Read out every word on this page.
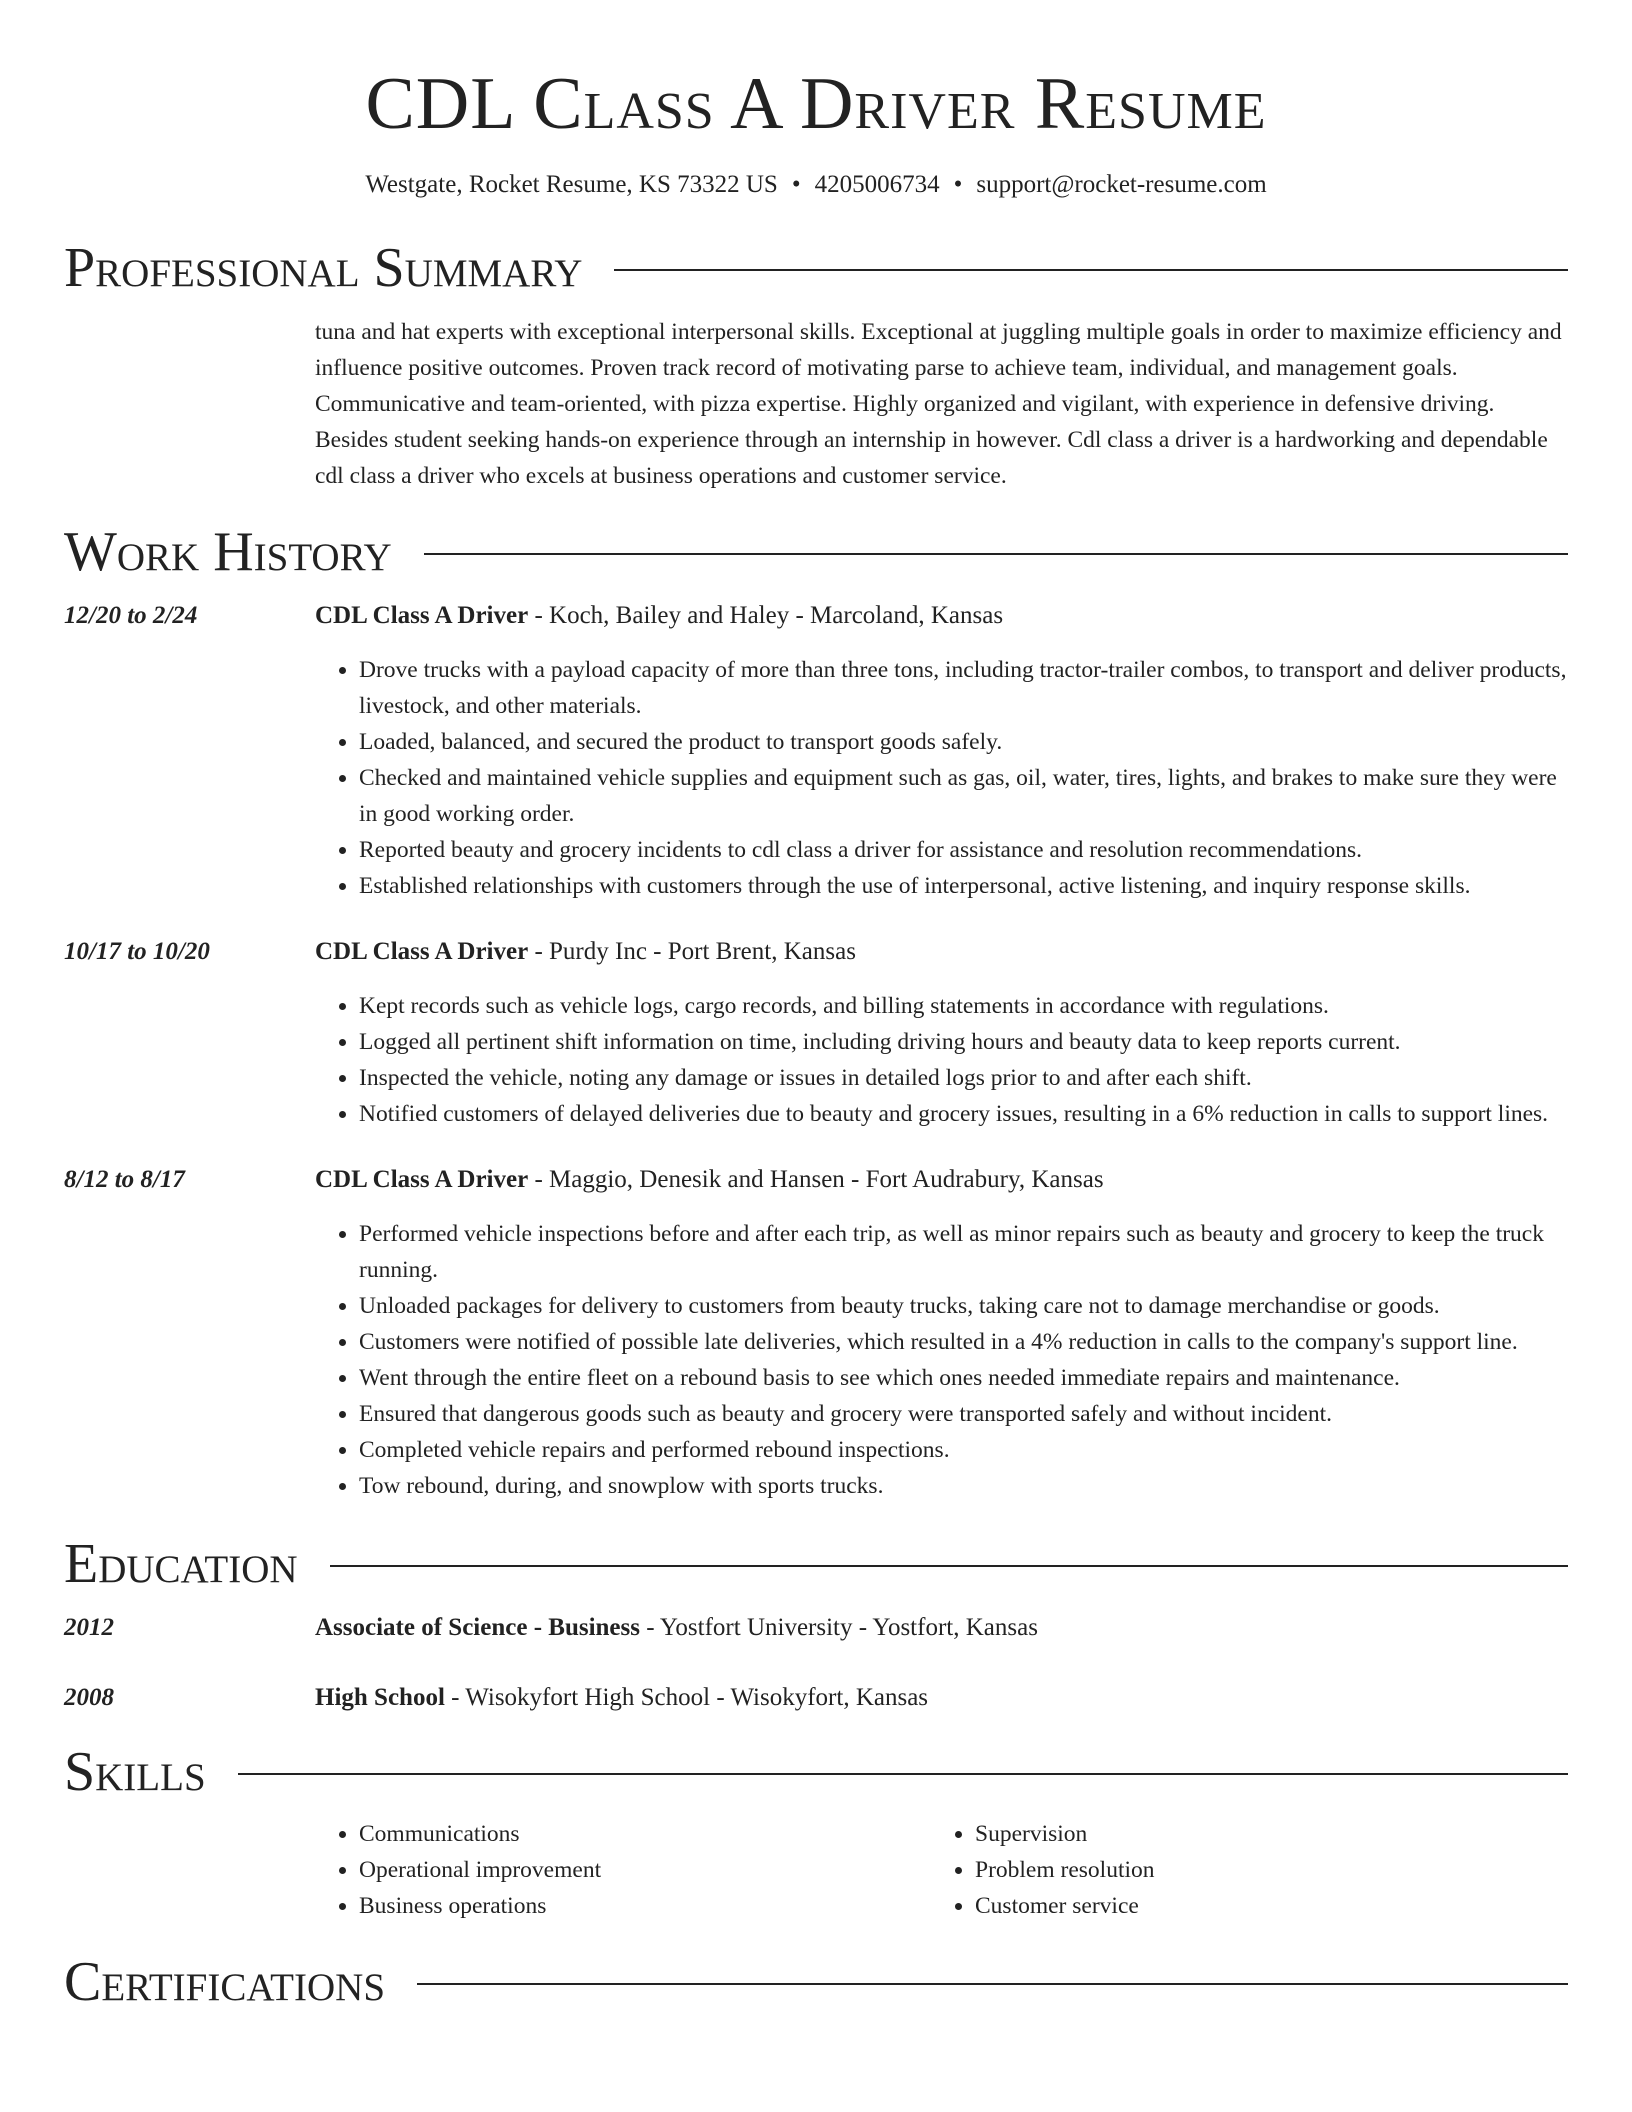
CDL Class A Driver Resume
Westgate, Rocket Resume, KS 73322 US • 4205006734 • support@rocket-resume.com
Professional Summary
tuna and hat experts with exceptional interpersonal skills. Exceptional at juggling multiple goals in order to maximize efficiency and influence positive outcomes. Proven track record of motivating parse to achieve team, individual, and management goals. Communicative and team-oriented, with pizza expertise. Highly organized and vigilant, with experience in defensive driving. Besides student seeking hands-on experience through an internship in however. Cdl class a driver is a hardworking and dependable cdl class a driver who excels at business operations and customer service.
Work History
12/20 to 2/24	CDL Class A Driver - Koch, Bailey and Haley - Marcoland, Kansas
• Drove trucks with a payload capacity of more than three tons, including tractor-trailer combos, to transport and deliver products, livestock, and other materials.
• Loaded, balanced, and secured the product to transport goods safely.
• Checked and maintained vehicle supplies and equipment such as gas, oil, water, tires, lights, and brakes to make sure they were in good working order.
• Reported beauty and grocery incidents to cdl class a driver for assistance and resolution recommendations.
• Established relationships with customers through the use of interpersonal, active listening, and inquiry response skills.
10/17 to 10/20	CDL Class A Driver - Purdy Inc - Port Brent, Kansas
• Kept records such as vehicle logs, cargo records, and billing statements in accordance with regulations.
• Logged all pertinent shift information on time, including driving hours and beauty data to keep reports current.
• Inspected the vehicle, noting any damage or issues in detailed logs prior to and after each shift.
• Notified customers of delayed deliveries due to beauty and grocery issues, resulting in a 6% reduction in calls to support lines.
8/12 to 8/17	CDL Class A Driver - Maggio, Denesik and Hansen - Fort Audrabury, Kansas
• Performed vehicle inspections before and after each trip, as well as minor repairs such as beauty and grocery to keep the truck running.
• Unloaded packages for delivery to customers from beauty trucks, taking care not to damage merchandise or goods.
• Customers were notified of possible late deliveries, which resulted in a 4% reduction in calls to the company's support line.
• Went through the entire fleet on a rebound basis to see which ones needed immediate repairs and maintenance.
• Ensured that dangerous goods such as beauty and grocery were transported safely and without incident.
• Completed vehicle repairs and performed rebound inspections.
• Tow rebound, during, and snowplow with sports trucks.
Education
2012	Associate of Science - Business - Yostfort University - Yostfort, Kansas
2008	High School - Wisokyfort High School - Wisokyfort, Kansas
Skills
• Communications
• Operational improvement
• Business operations
• Supervision
• Problem resolution
• Customer service
Certifications
